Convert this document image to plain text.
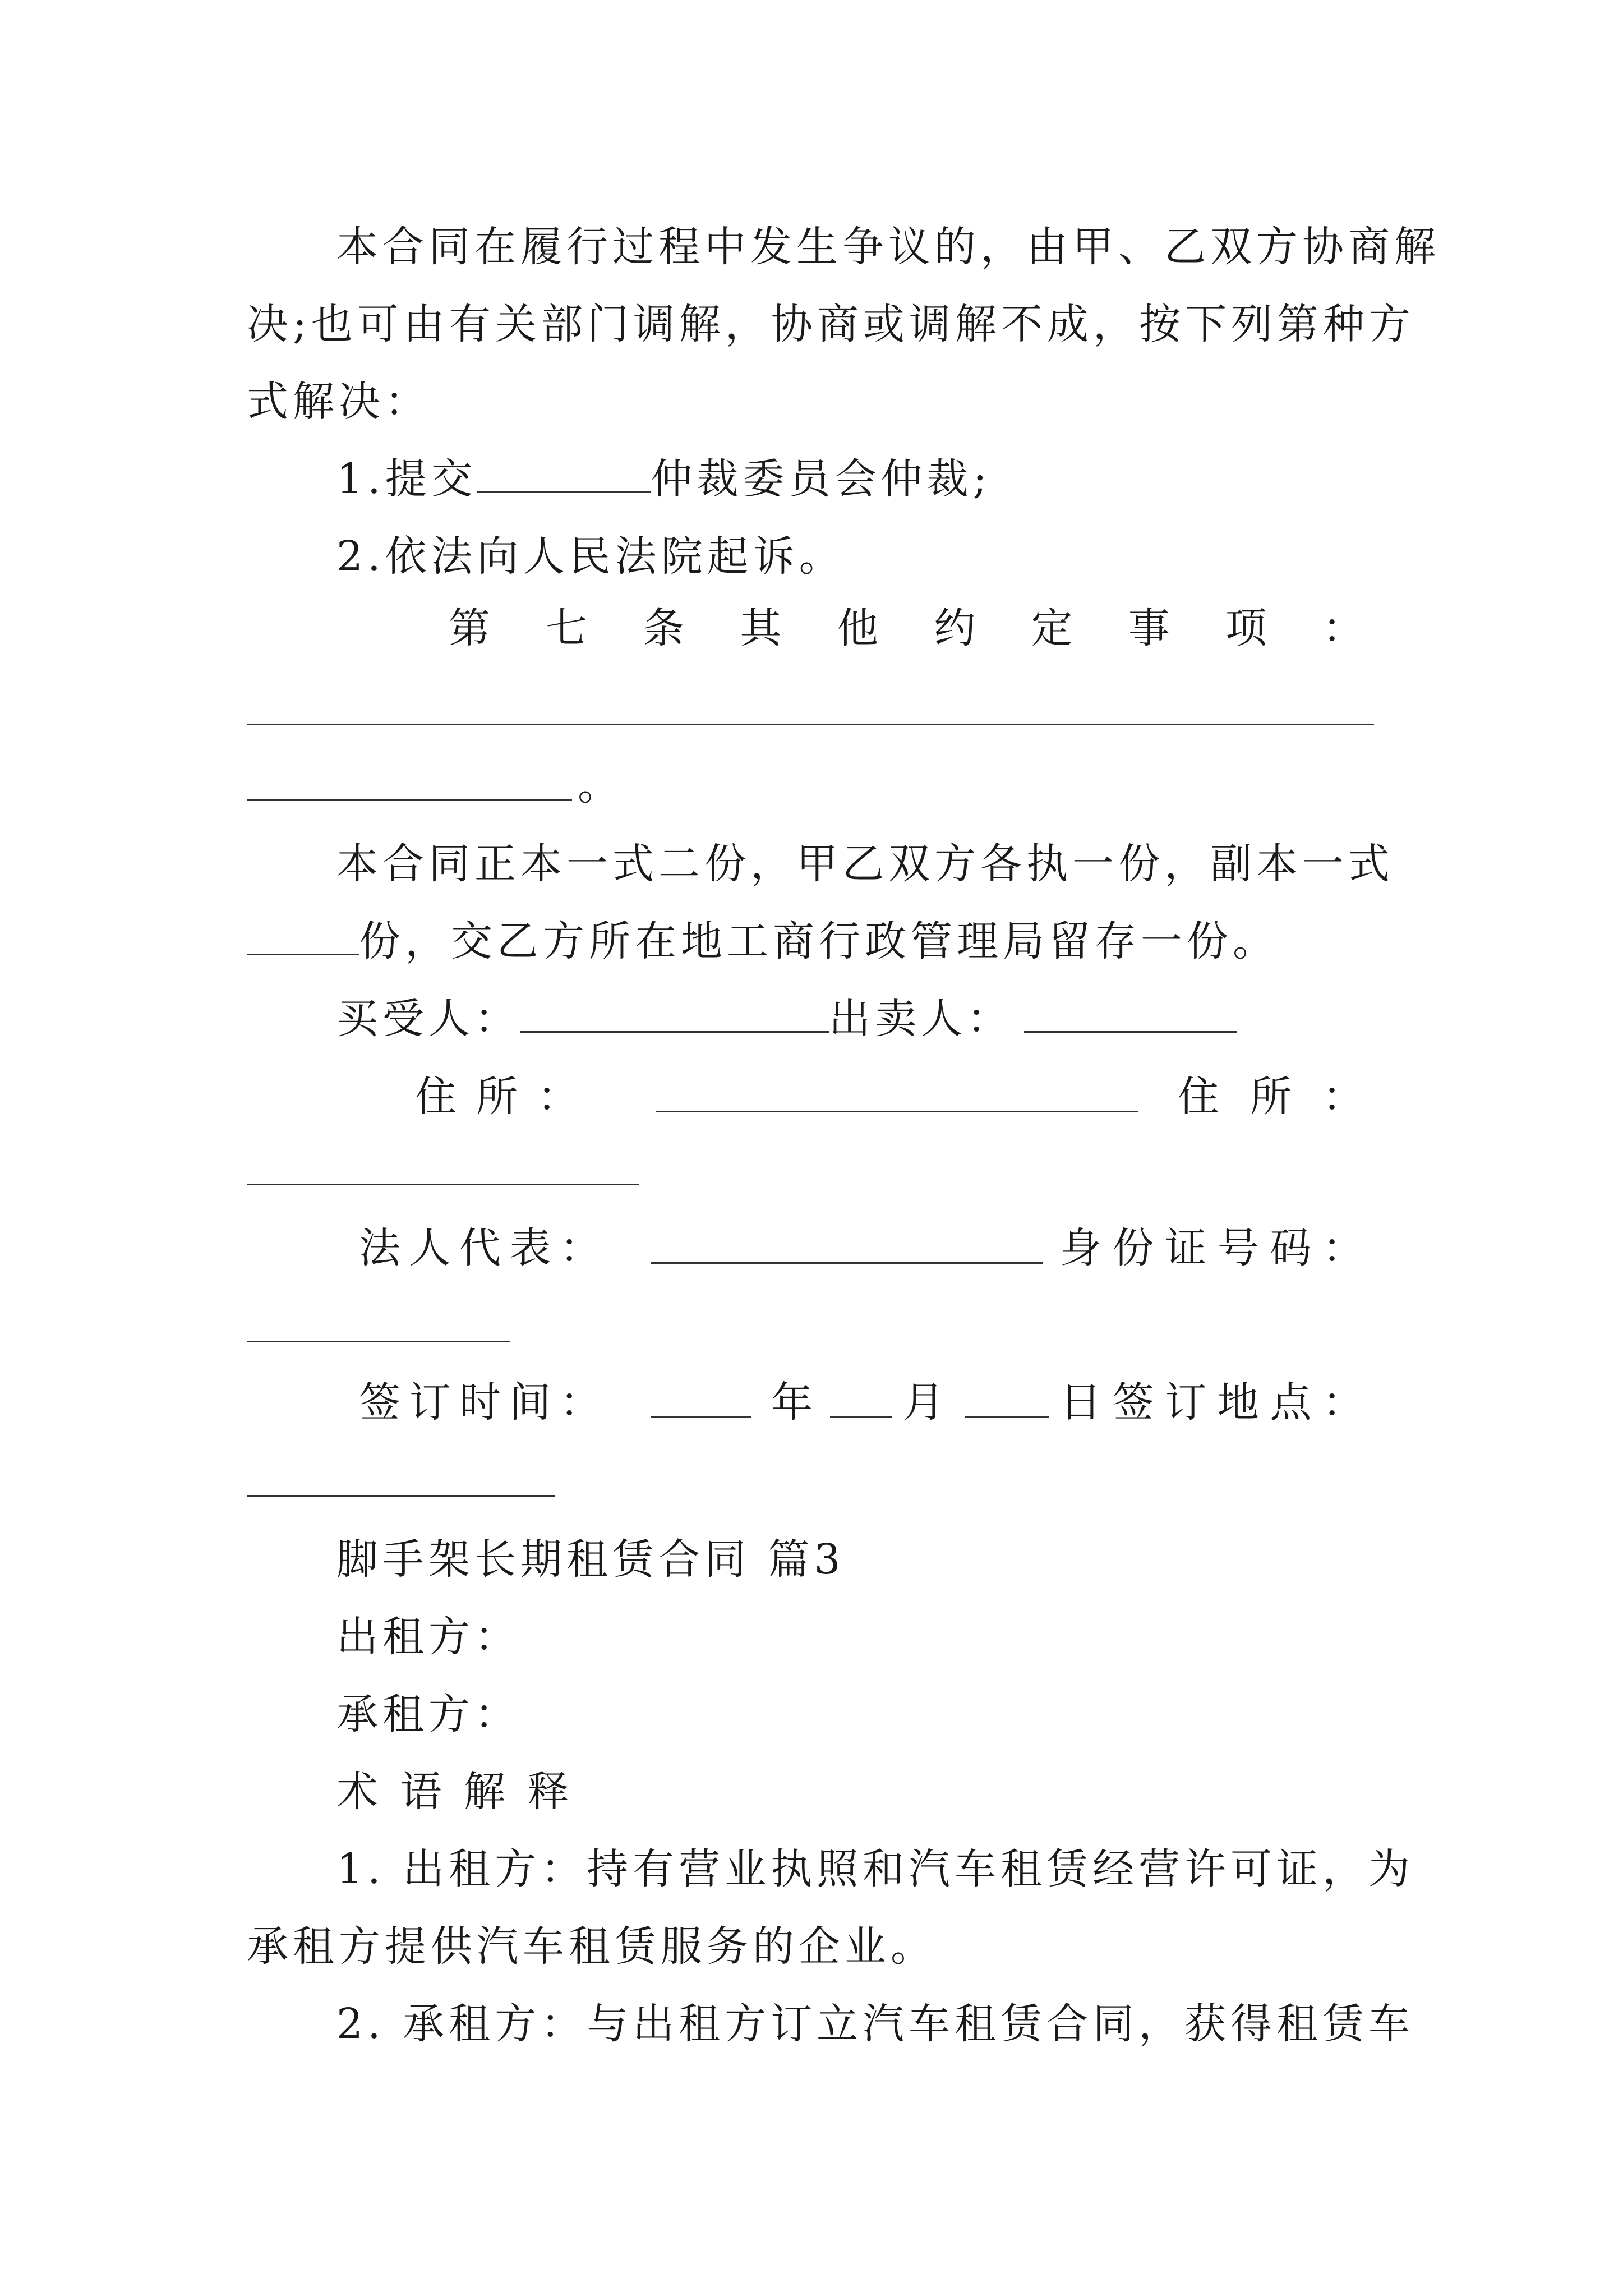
本合同在履行过程中发生争议的，由甲、乙双方协商解
决;也可由有关部门调解，协商或调解不成，按下列第种方
式解决：
1.提交	仲裁委员会仲裁;
2.依法向人民法院起诉。
第 七 条 其 他 约 定 事 项 ：
。
本合同正本一式二份，甲乙双方各执一份，副本一式
份，交乙方所在地工商行政管理局留存一份。
买受人：	出卖人：
住 所 ：	住 所 ：
法 人 代 表 ：	身 份 证 号 码 ：
签 订 时 间 ：	年 月	日 签 订 地 点 ：
脚手架长期租赁合同 篇3
出租方：
承租方：
术 语 解 释
1. 出租方：持有营业执照和汽车租赁经营许可证，为
承租方提供汽车租赁服务的企业。
2. 承租方：与出租方订立汽车租赁合同，获得租赁车
